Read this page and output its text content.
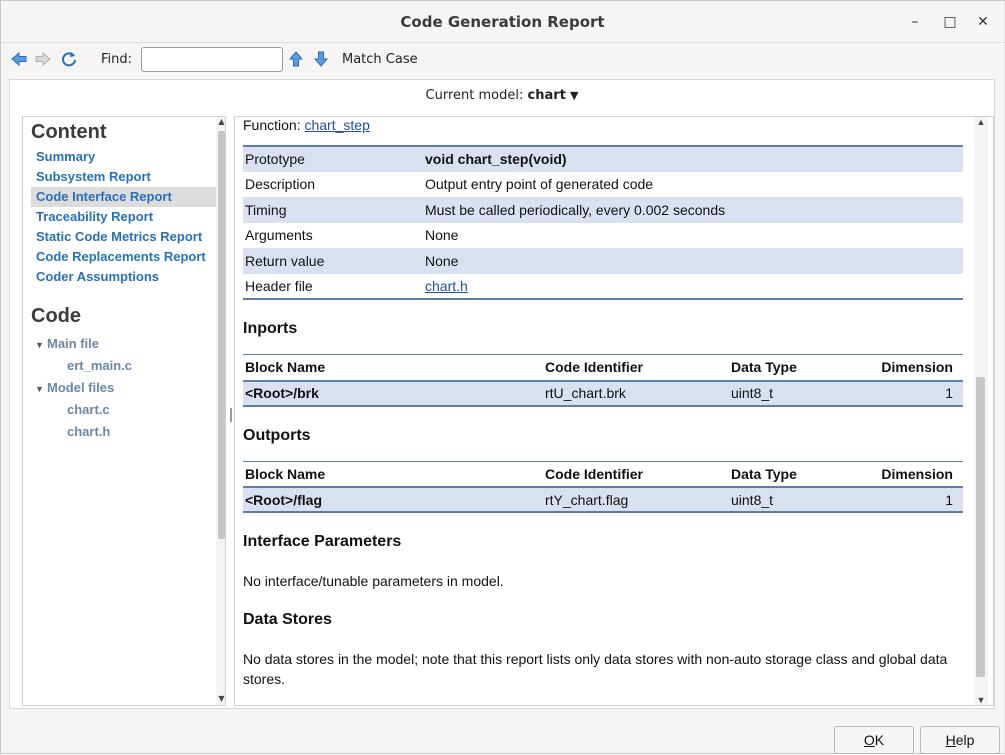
Code Generation Report	–	□	✕
Find:	Match Case
Current model: chart ▼
Content
Summary
Subsystem Report
Code Interface Report
Traceability Report
Static Code Metrics Report
Code Replacements Report
Coder Assumptions
Code
▼ Main file
ert_main.c
▼ Model files
chart.c
chart.h
▲
▼
Function: chart_step
Prototype	void chart_step(void)
Description	Output entry point of generated code
Timing	Must be called periodically, every 0.002 seconds
Arguments	None
Return value	None
Header file	chart.h
Inports
Block Name	Code Identifier	Data Type	Dimension
<Root>/brk	rtU_chart.brk	uint8_t	1
Outports
Block Name	Code Identifier	Data Type	Dimension
<Root>/flag	rtY_chart.flag	uint8_t	1
Interface Parameters

No interface/tunable parameters in model.

Data Stores

No data stores in the model; note that this report lists only data stores with non-auto storage class and global data stores.

▲
▼
OK	Help
